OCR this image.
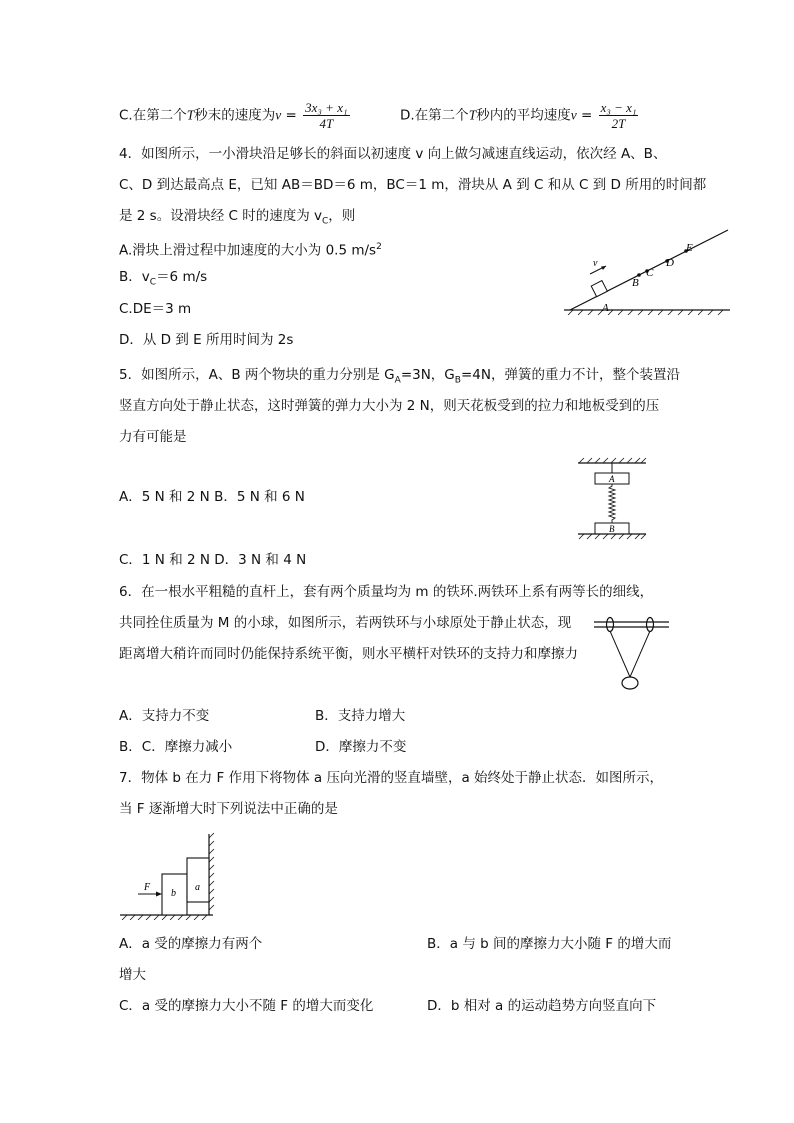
C.在第二个T秒末的速度为$v = \frac{\text{3x₃ + x₁}}{4T}$	D.在第二个T秒内的平均速度$v = \frac{\text{x₃ − x₁}}{2T}$
4．如图所示，一小滑块沿足够长的斜面以初速度 v 向上做匀减速直线运动，依次经 A、B、
C、D 到达最高点 E，已知 AB＝BD＝6 m，BC＝1 m，滑块从 A 到 C 和从 C 到 D 所用的时间都
是 2 s。设滑块经 C 时的速度为 $v_C$，则
A.滑块上滑过程中加速度的大小为 0.5 $m/s^2$
B．$v_C=6$ m/s
C.DE＝3 m
D．从 D 到 E 所用时间为 2s
v
A
B
C
D
E
5．如图所示，A、B 两个物块的重力分别是 $G_A=3N$，$G_B=4N$，弹簧的重力不计，整个装置沿
竖直方向处于静止状态，这时弹簧的弹力大小为 2 N，则天花板受到的拉力和地板受到的压
力有可能是
A．5 N 和 2 N B．5 N 和 6 N
C．1 N 和 2 N D．3 N 和 4 N
A
B
6．在一根水平粗糙的直杆上，套有两个质量均为 m 的铁环.两铁环上系有两等长的细线，
共同拴住质量为 M 的小球，如图所示，若两铁环与小球原处于静止状态，现
距离增大稍许而同时仍能保持系统平衡，则水平横杆对铁环的支持力和摩擦力
A．支持力不变	B．支持力增大
B．C．摩擦力减小	D．摩擦力不变
7．物体 b 在力 F 作用下将物体 a 压向光滑的竖直墙壁，a 始终处于静止状态．如图所示，
当 F 逐渐增大时下列说法中正确的是
b
a
F
A．a 受的摩擦力有两个	B．a 与 b 间的摩擦力大小随 F 的增大而
增大
C．a 受的摩擦力大小不随 F 的增大而变化	D．b 相对 a 的运动趋势方向竖直向下
